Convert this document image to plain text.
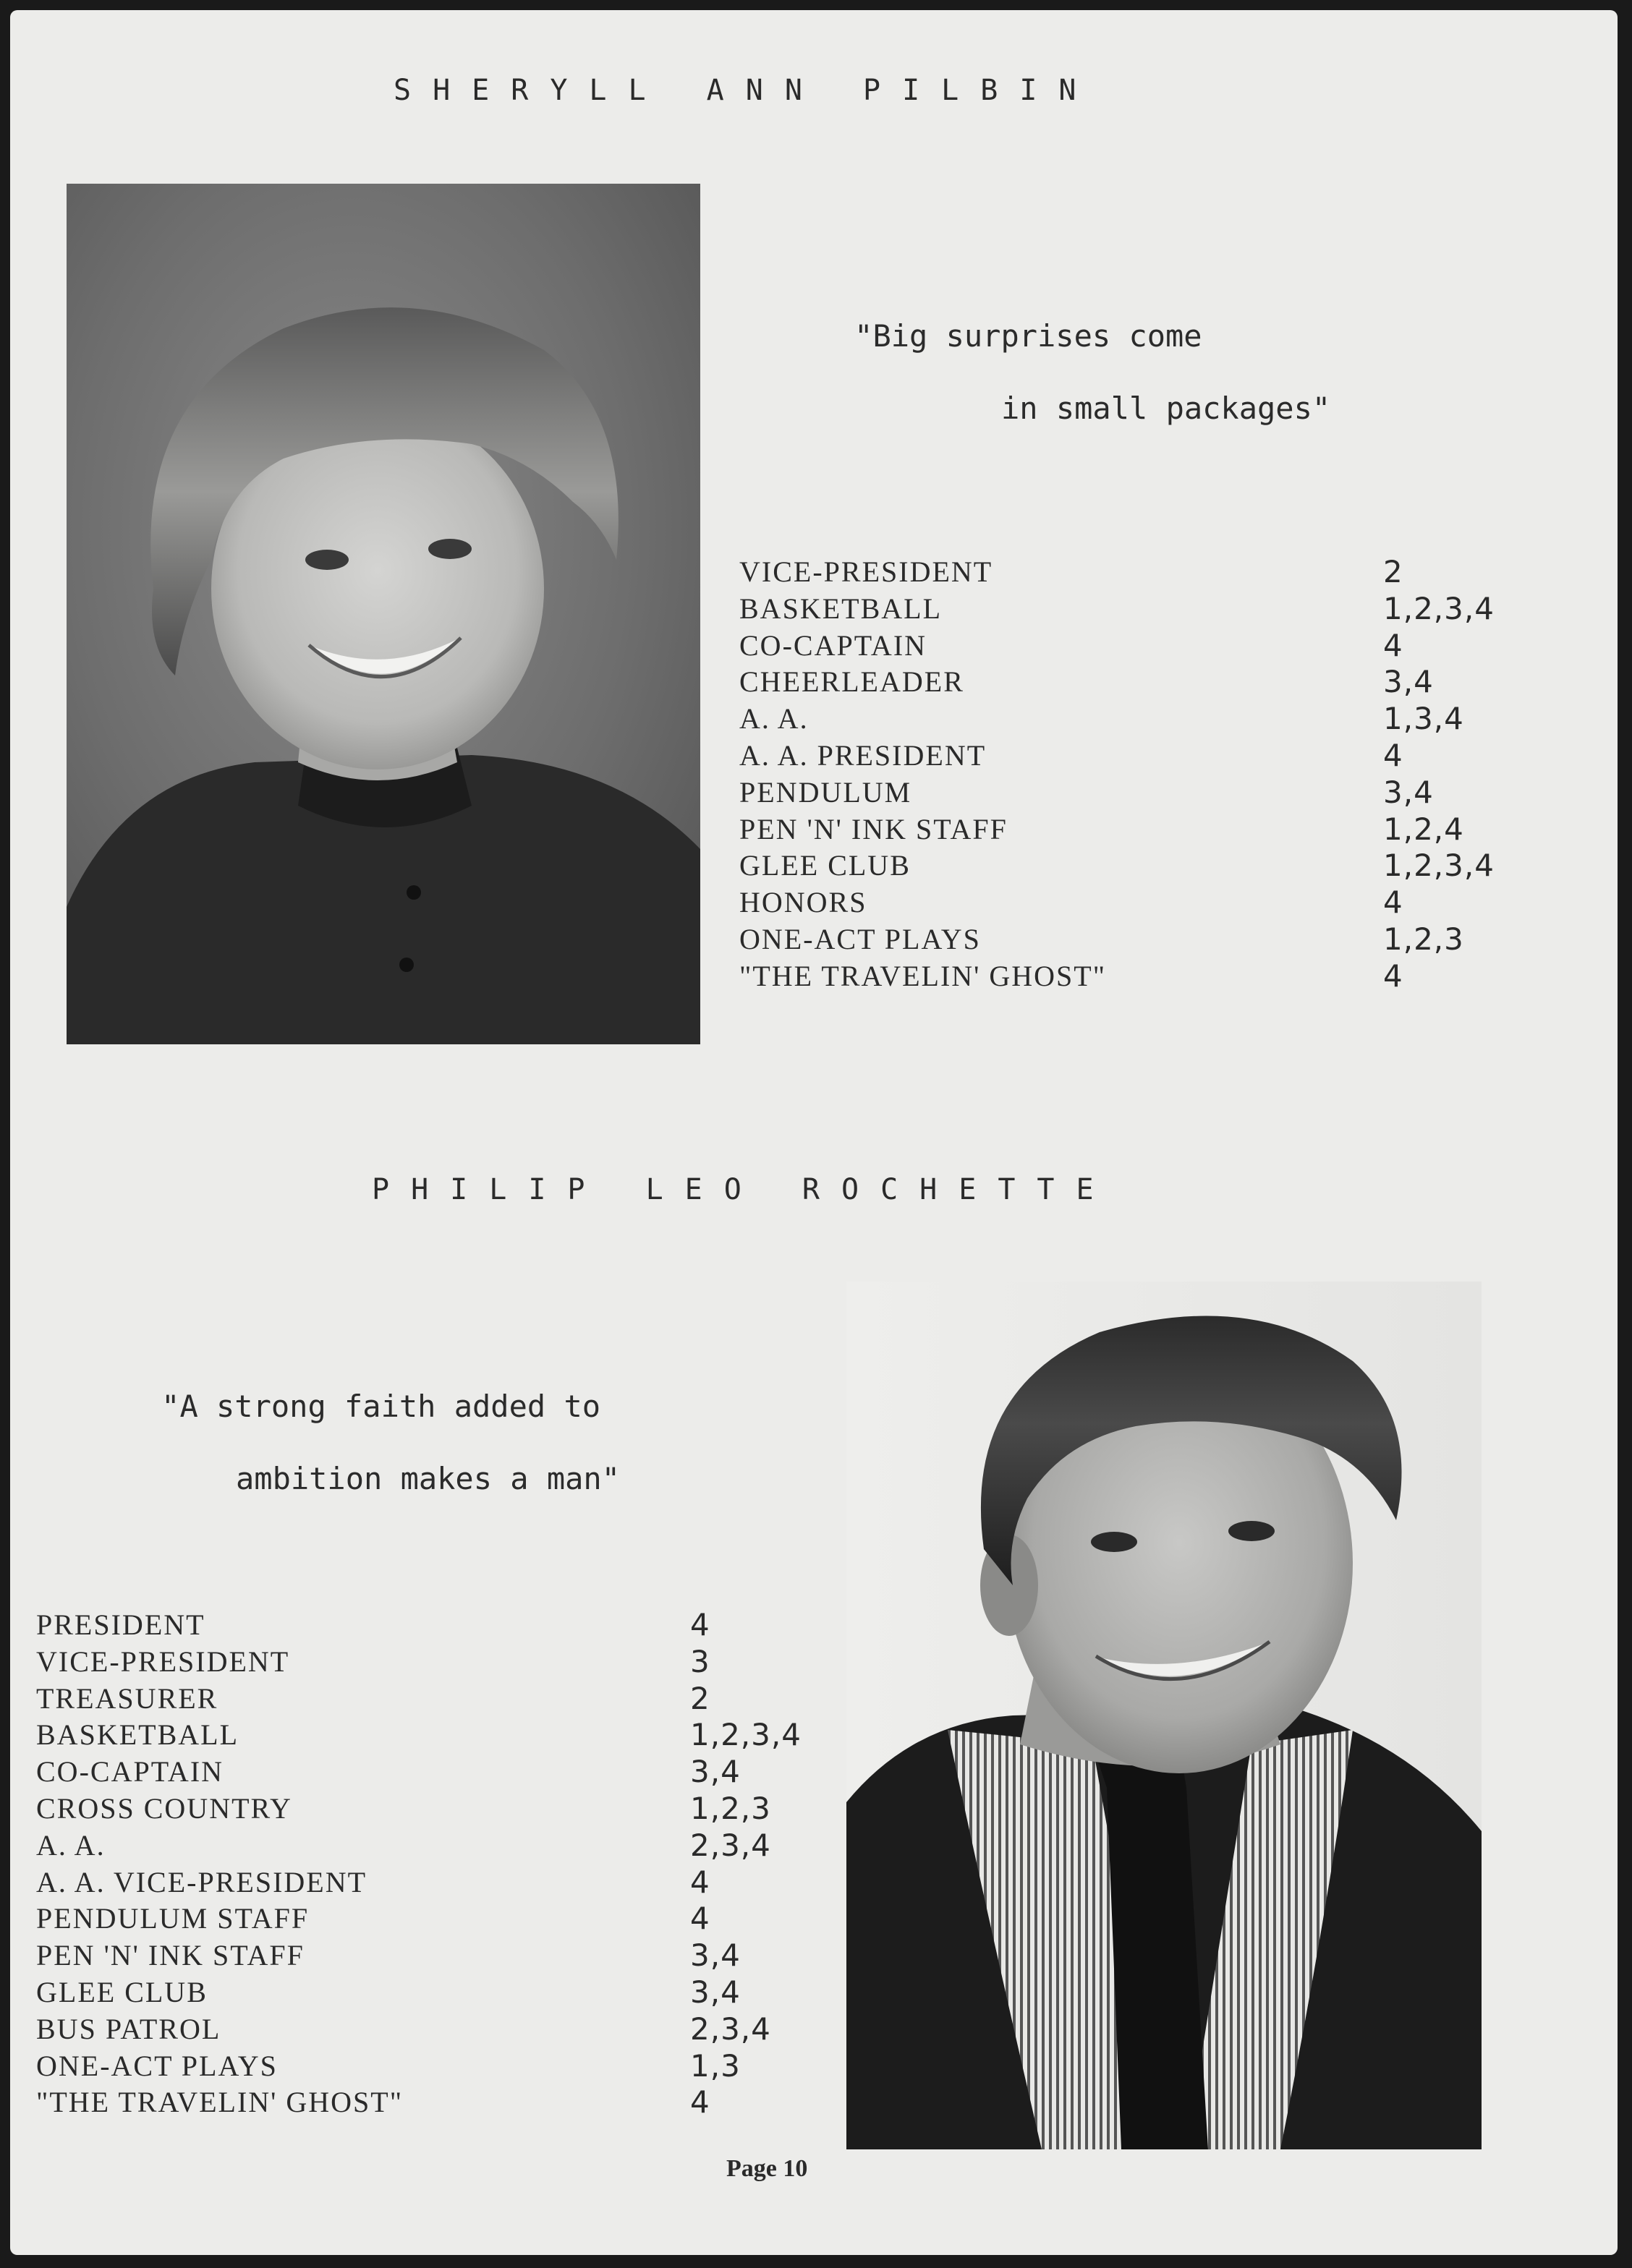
SHERYLL ANN PILBIN

"Big surprises come

in small packages"

VICE-PRESIDENT	2
BASKETBALL	1,2,3,4
CO-CAPTAIN	4
CHEERLEADER	3,4
A. A.	1,3,4
A. A. PRESIDENT	4
PENDULUM	3,4
PEN 'N' INK STAFF	1,2,4
GLEE CLUB	1,2,3,4
HONORS	4
ONE-ACT PLAYS	1,2,3
"THE TRAVELIN' GHOST"	4
PHILIP LEO ROCHETTE

"A strong faith added to

ambition makes a man"

PRESIDENT	4
VICE-PRESIDENT	3
TREASURER	2
BASKETBALL	1,2,3,4
CO-CAPTAIN	3,4
CROSS COUNTRY	1,2,3
A. A.	2,3,4
A. A. VICE-PRESIDENT	4
PENDULUM STAFF	4
PEN 'N' INK STAFF	3,4
GLEE CLUB	3,4
BUS PATROL	2,3,4
ONE-ACT PLAYS	1,3
"THE TRAVELIN' GHOST"	4
Page 10
